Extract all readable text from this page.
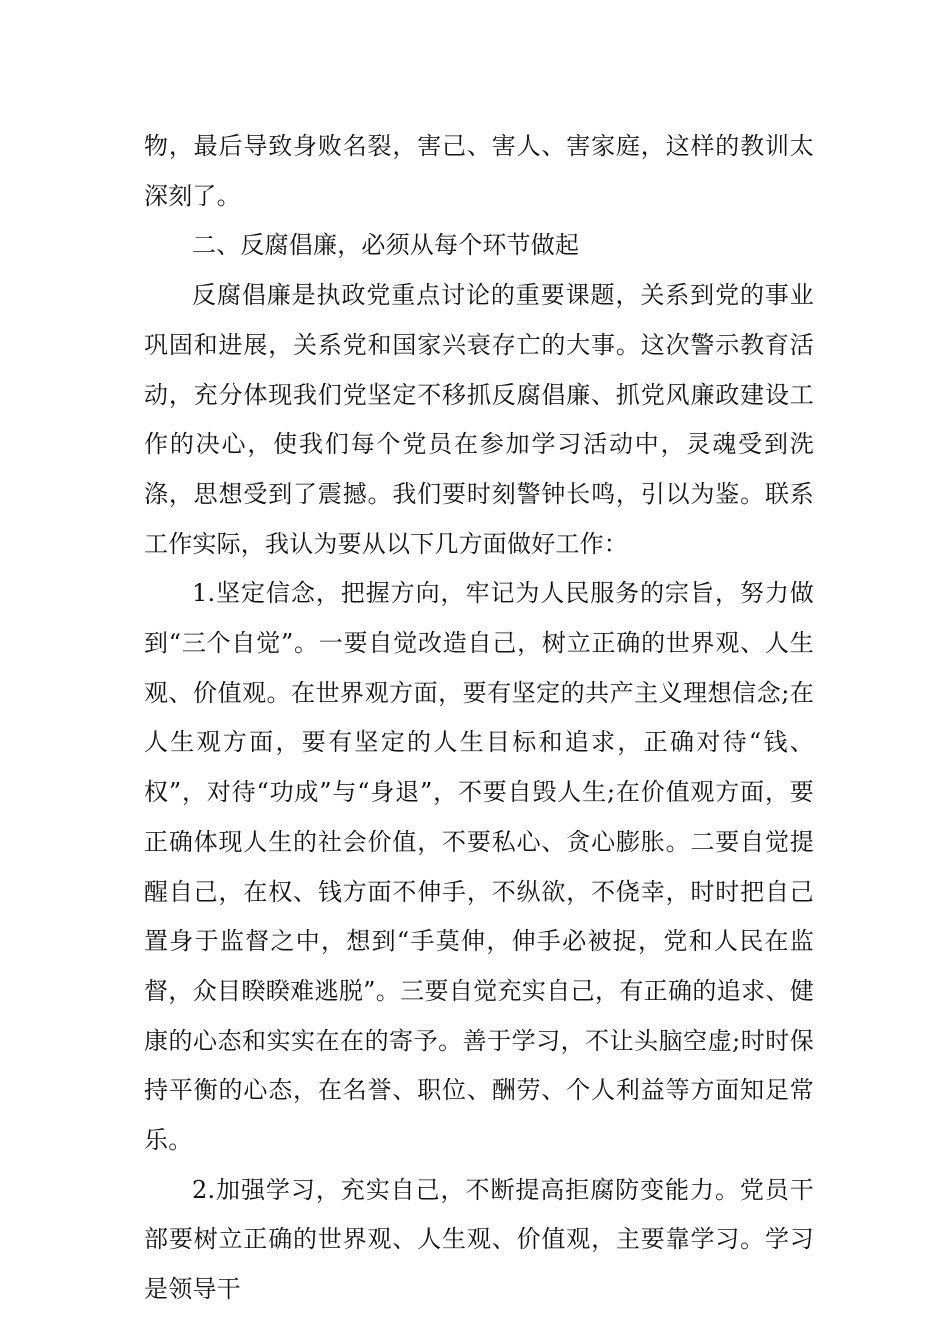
物，最后导致身败名裂，害己、害人、害家庭，这样的教训太深刻了。

二、反腐倡廉，必须从每个环节做起

反腐倡廉是执政党重点讨论的重要课题，关系到党的事业巩固和进展，关系党和国家兴衰存亡的大事。这次警示教育活动，充分体现我们党坚定不移抓反腐倡廉、抓党风廉政建设工作的决心，使我们每个党员在参加学习活动中，灵魂受到洗涤，思想受到了震撼。我们要时刻警钟长鸣，引以为鉴。联系工作实际，我认为要从以下几方面做好工作：

1.坚定信念，把握方向，牢记为人民服务的宗旨，努力做到“三个自觉”。一要自觉改造自己，树立正确的世界观、人生观、价值观。在世界观方面，要有坚定的共产主义理想信念;在人生观方面，要有坚定的人生目标和追求，正确对待“钱、权”，对待“功成”与“身退”，不要自毁人生;在价值观方面，要正确体现人生的社会价值，不要私心、贪心膨胀。二要自觉提醒自己，在权、钱方面不伸手，不纵欲，不侥幸，时时把自己置身于监督之中，想到“手莫伸，伸手必被捉，党和人民在监督，众目睽睽难逃脱”。三要自觉充实自己，有正确的追求、健康的心态和实实在在的寄予。善于学习，不让头脑空虚;时时保持平衡的心态，在名誉、职位、酬劳、个人利益等方面知足常乐。

2.加强学习，充实自己，不断提高拒腐防变能力。党员干部要树立正确的世界观、人生观、价值观，主要靠学习。学习是领导干
